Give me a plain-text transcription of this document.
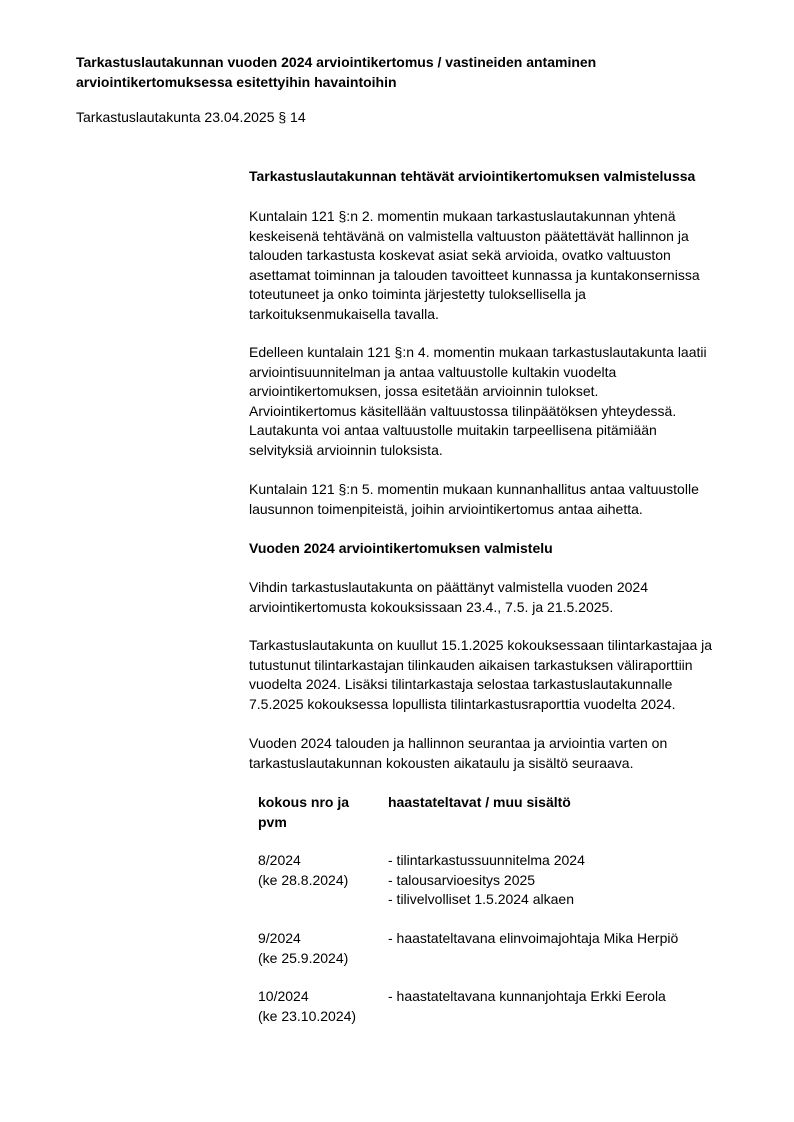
Tarkastuslautakunnan vuoden 2024 arviointikertomus / vastineiden antaminen
arviointikertomuksessa esitettyihin havaintoihin
Tarkastuslautakunta 23.04.2025 § 14
Tarkastuslautakunnan tehtävät arviointikertomuksen valmistelussa
Kuntalain 121 §:n 2. momentin mukaan tarkastuslautakunnan yhtenä
keskeisenä tehtävänä on valmistella valtuuston päätettävät hallinnon ja
talouden tarkastusta koskevat asiat sekä arvioida, ovatko valtuuston
asettamat toiminnan ja talouden tavoitteet kunnassa ja kuntakonsernissa
toteutuneet ja onko toiminta järjestetty tuloksellisella ja
tarkoituksenmukaisella tavalla.
Edelleen kuntalain 121 §:n 4. momentin mukaan tarkastuslautakunta laatii
arviointisuunnitelman ja antaa valtuustolle kultakin vuodelta
arviointikertomuksen, jossa esitetään arvioinnin tulokset.
Arviointikertomus käsitellään valtuustossa tilinpäätöksen yhteydessä.
Lautakunta voi antaa valtuustolle muitakin tarpeellisena pitämiään
selvityksiä arvioinnin tuloksista.
Kuntalain 121 §:n 5. momentin mukaan kunnanhallitus antaa valtuustolle
lausunnon toimenpiteistä, joihin arviointikertomus antaa aihetta.
Vuoden 2024 arviointikertomuksen valmistelu
Vihdin tarkastuslautakunta on päättänyt valmistella vuoden 2024
arviointikertomusta kokouksissaan 23.4., 7.5. ja 21.5.2025.
Tarkastuslautakunta on kuullut 15.1.2025 kokouksessaan tilintarkastajaa ja
tutustunut tilintarkastajan tilinkauden aikaisen tarkastuksen väliraporttiin
vuodelta 2024. Lisäksi tilintarkastaja selostaa tarkastuslautakunnalle
7.5.2025 kokouksessa lopullista tilintarkastusraporttia vuodelta 2024.
Vuoden 2024 talouden ja hallinnon seurantaa ja arviointia varten on
tarkastuslautakunnan kokousten aikataulu ja sisältö seuraava.
kokous nro ja
pvm
haastateltavat / muu sisältö
8/2024
(ke 28.8.2024)
- tilintarkastussuunnitelma 2024
- talousarvioesitys 2025
- tilivelvolliset 1.5.2024 alkaen
9/2024
(ke 25.9.2024)
- haastateltavana elinvoimajohtaja Mika Herpiö
10/2024
(ke 23.10.2024)
- haastateltavana kunnanjohtaja Erkki Eerola
